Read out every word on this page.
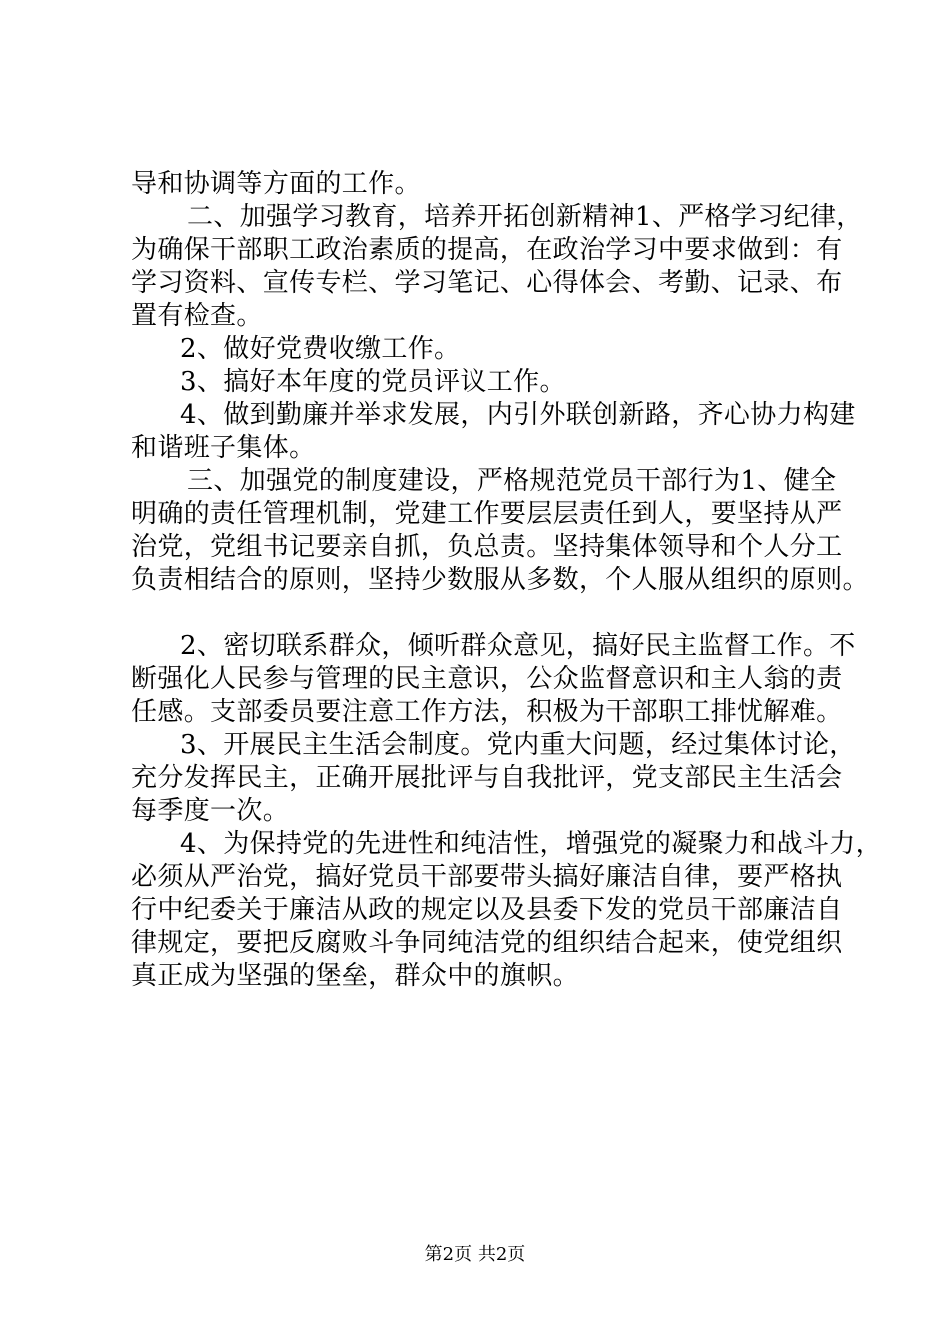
导和协调等方面的工作。
二、加强学习教育，培养开拓创新精神1、严格学习纪律，
为确保干部职工政治素质的提高，在政治学习中要求做到：有
学习资料、宣传专栏、学习笔记、心得体会、考勤、记录、布
置有检查。
2、做好党费收缴工作。
3、搞好本年度的党员评议工作。
4、做到勤廉并举求发展，内引外联创新路，齐心协力构建
和谐班子集体。
三、加强党的制度建设，严格规范党员干部行为1、健全
明确的责任管理机制，党建工作要层层责任到人，要坚持从严
治党，党组书记要亲自抓，负总责。坚持集体领导和个人分工
负责相结合的原则，坚持少数服从多数，个人服从组织的原则。
2、密切联系群众，倾听群众意见，搞好民主监督工作。不
断强化人民参与管理的民主意识，公众监督意识和主人翁的责
任感。支部委员要注意工作方法，积极为干部职工排忧解难。
3、开展民主生活会制度。党内重大问题，经过集体讨论，
充分发挥民主，正确开展批评与自我批评，党支部民主生活会
每季度一次。
4、为保持党的先进性和纯洁性，增强党的凝聚力和战斗力，
必须从严治党，搞好党员干部要带头搞好廉洁自律，要严格执
行中纪委关于廉洁从政的规定以及县委下发的党员干部廉洁自
律规定，要把反腐败斗争同纯洁党的组织结合起来，使党组织
真正成为坚强的堡垒，群众中的旗帜。
第2页 共2页
